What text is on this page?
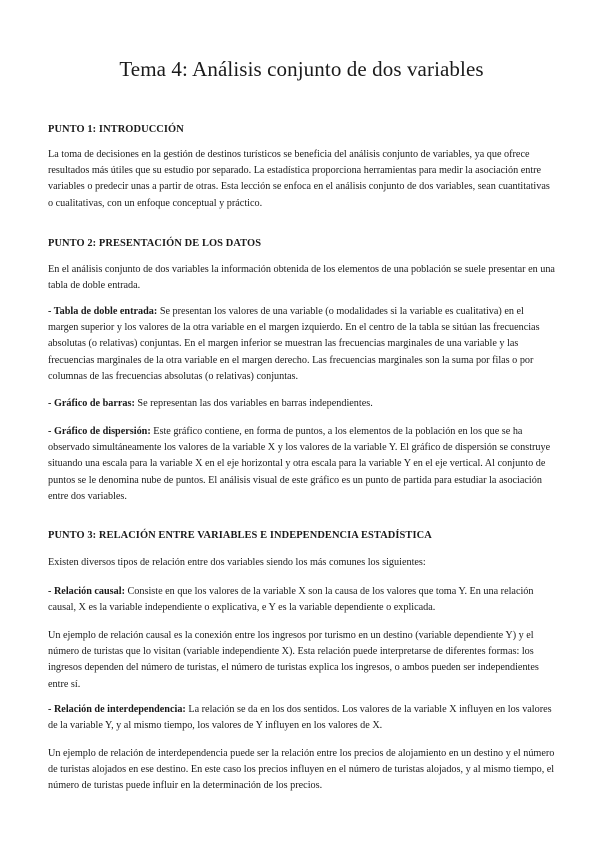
Tema 4: Análisis conjunto de dos variables
PUNTO 1: INTRODUCCIÓN

La toma de decisiones en la gestión de destinos turísticos se beneficia del análisis conjunto de variables, ya que ofrece resultados más útiles que su estudio por separado. La estadística proporciona herramientas para medir la asociación entre variables o predecir unas a partir de otras. Esta lección se enfoca en el análisis conjunto de dos variables, sean cuantitativas o cualitativas, con un enfoque conceptual y práctico.

PUNTO 2: PRESENTACIÓN DE LOS DATOS

En el análisis conjunto de dos variables la información obtenida de los elementos de una población se suele presentar en una tabla de doble entrada.

- Tabla de doble entrada: Se presentan los valores de una variable (o modalidades si la variable es cualitativa) en el margen superior y los valores de la otra variable en el margen izquierdo. En el centro de la tabla se sitúan las frecuencias absolutas (o relativas) conjuntas. En el margen inferior se muestran las frecuencias marginales de una variable y las frecuencias marginales de la otra variable en el margen derecho. Las frecuencias marginales son la suma por filas o por columnas de las frecuencias absolutas (o relativas) conjuntas.

- Gráfico de barras: Se representan las dos variables en barras independientes.

- Gráfico de dispersión: Este gráfico contiene, en forma de puntos, a los elementos de la población en los que se ha observado simultáneamente los valores de la variable X y los valores de la variable Y. El gráfico de dispersión se construye situando una escala para la variable X en el eje horizontal y otra escala para la variable Y en el eje vertical. Al conjunto de puntos se le denomina nube de puntos. El análisis visual de este gráfico es un punto de partida para estudiar la asociación entre dos variables.

PUNTO 3: RELACIÓN ENTRE VARIABLES E INDEPENDENCIA ESTADÍSTICA

Existen diversos tipos de relación entre dos variables siendo los más comunes los siguientes:

- Relación causal: Consiste en que los valores de la variable X son la causa de los valores que toma Y. En una relación causal, X es la variable independiente o explicativa, e Y es la variable dependiente o explicada.

Un ejemplo de relación causal es la conexión entre los ingresos por turismo en un destino (variable dependiente Y) y el número de turistas que lo visitan (variable independiente X). Esta relación puede interpretarse de diferentes formas: los ingresos dependen del número de turistas, el número de turistas explica los ingresos, o ambos pueden ser independientes entre sí.

- Relación de interdependencia: La relación se da en los dos sentidos. Los valores de la variable X influyen en los valores de la variable Y, y al mismo tiempo, los valores de Y influyen en los valores de X.

Un ejemplo de relación de interdependencia puede ser la relación entre los precios de alojamiento en un destino y el número de turistas alojados en ese destino. En este caso los precios influyen en el número de turistas alojados, y al mismo tiempo, el número de turistas puede influir en la determinación de los precios.
